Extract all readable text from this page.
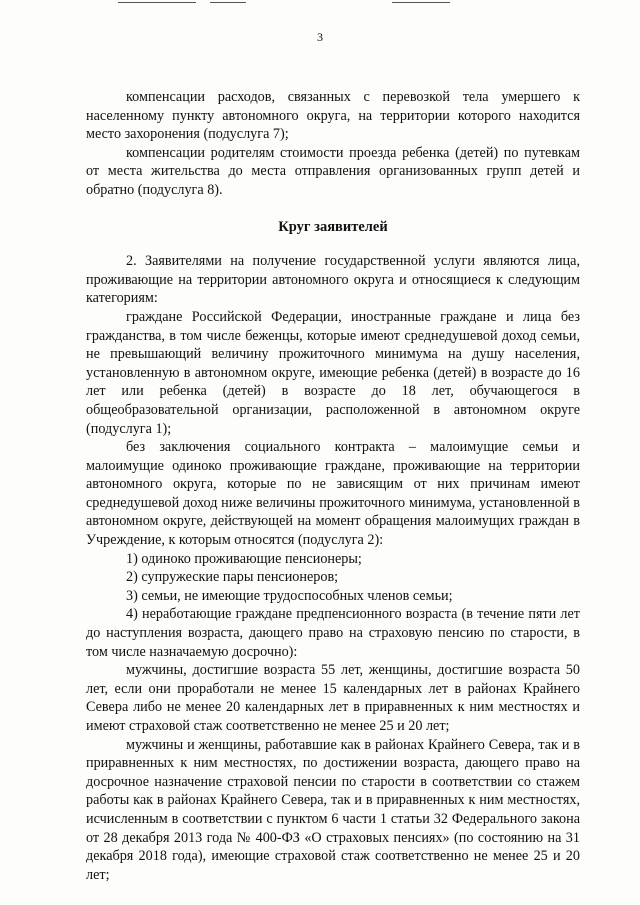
3

компенсации расходов, связанных с перевозкой тела умершего к населенному пункту автономного округа, на территории которого находится место захоронения (подуслуга 7);

компенсации родителям стоимости проезда ребенка (детей) по путевкам от места жительства до места отправления организованных групп детей и обратно (подуслуга 8).

Круг заявителей

2. Заявителями на получение государственной услуги являются лица, проживающие на территории автономного округа и относящиеся к следующим категориям:

граждане Российской Федерации, иностранные граждане и лица без гражданства, в том числе беженцы, которые имеют среднедушевой доход семьи, не превышающий величину прожиточного минимума на душу населения, установленную в автономном округе, имеющие ребенка (детей) в возрасте до 16 лет или ребенка (детей) в возрасте до 18 лет, обучающегося в общеобразовательной организации, расположенной в автономном округе (подуслуга 1);

без заключения социального контракта – малоимущие семьи и малоимущие одиноко проживающие граждане, проживающие на территории автономного округа, которые по не зависящим от них причинам имеют среднедушевой доход ниже величины прожиточного минимума, установленной в автономном округе, действующей на момент обращения малоимущих граждан в Учреждение, к которым относятся (подуслуга 2):

1) одиноко проживающие пенсионеры;

2) супружеские пары пенсионеров;

3) семьи, не имеющие трудоспособных членов семьи;

4) неработающие граждане предпенсионного возраста (в течение пяти лет до наступления возраста, дающего право на страховую пенсию по старости, в том числе назначаемую досрочно):

мужчины, достигшие возраста 55 лет, женщины, достигшие возраста 50 лет, если они проработали не менее 15 календарных лет в районах Крайнего Севера либо не менее 20 календарных лет в приравненных к ним местностях и имеют страховой стаж соответственно не менее 25 и 20 лет;

мужчины и женщины, работавшие как в районах Крайнего Севера, так и в приравненных к ним местностях, по достижении возраста, дающего право на досрочное назначение страховой пенсии по старости в соответствии со стажем работы как в районах Крайнего Севера, так и в приравненных к ним местностях, исчисленным в соответствии с пунктом 6 части 1 статьи 32 Федерального закона от 28 декабря 2013 года № 400-ФЗ «О страховых пенсиях» (по состоянию на 31 декабря 2018 года), имеющие страховой стаж соответственно не менее 25 и 20 лет;
